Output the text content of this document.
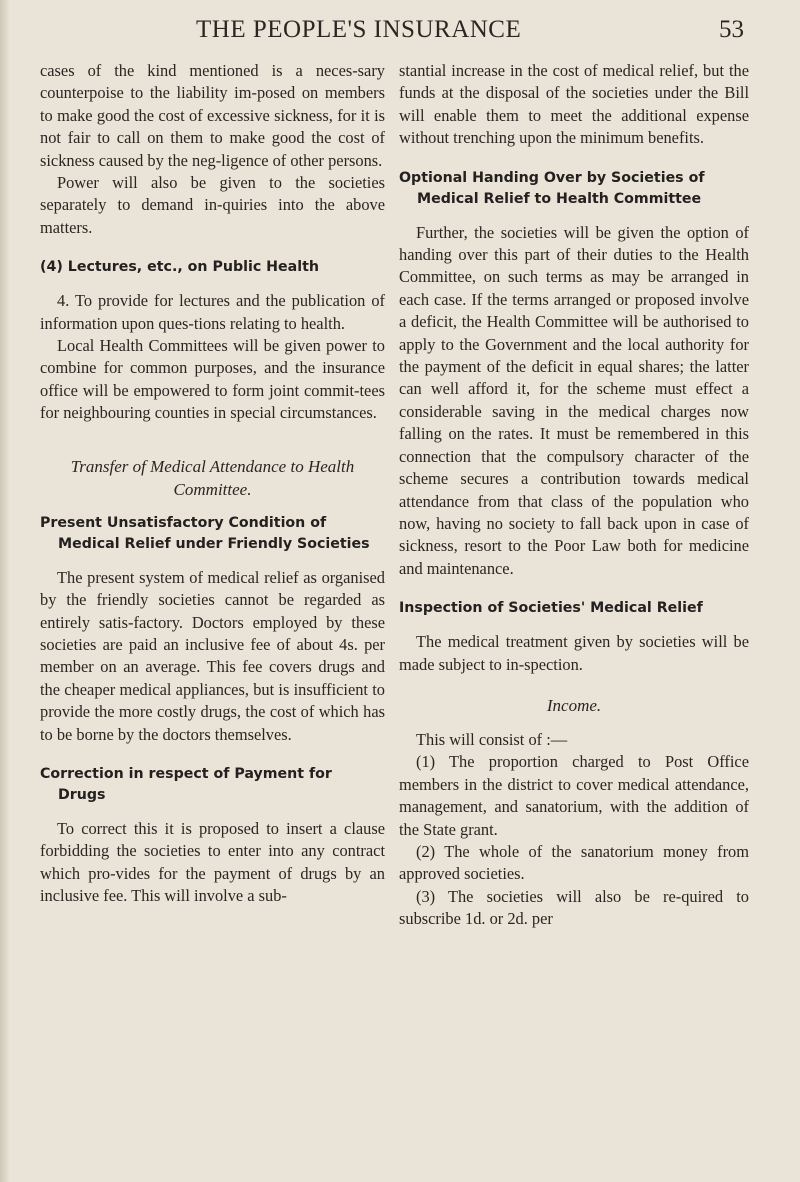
THE PEOPLE'S INSURANCE	53

cases of the kind mentioned is a neces-sary counterpoise to the liability im-posed on members to make good the cost of excessive sickness, for it is not fair to call on them to make good the cost of sickness caused by the neg-ligence of other persons.

Power will also be given to the societies separately to demand in-quiries into the above matters.

(4) Lectures, etc., on Public Health

4. To provide for lectures and the publication of information upon ques-tions relating to health.

Local Health Committees will be given power to combine for common purposes, and the insurance office will be empowered to form joint commit-tees for neighbouring counties in special circumstances.

Transfer of Medical Attendance to Health Committee.

Present Unsatisfactory Condition of
Medical Relief under Friendly Societies

The present system of medical relief as organised by the friendly societies cannot be regarded as entirely satis-factory. Doctors employed by these societies are paid an inclusive fee of about 4s. per member on an average. This fee covers drugs and the cheaper medical appliances, but is insufficient to provide the more costly drugs, the cost of which has to be borne by the doctors themselves.

Correction in respect of Payment for
Drugs

To correct this it is proposed to insert a clause forbidding the societies to enter into any contract which pro-vides for the payment of drugs by an inclusive fee. This will involve a sub-

stantial increase in the cost of medical relief, but the funds at the disposal of the societies under the Bill will enable them to meet the additional expense without trenching upon the minimum benefits.

Optional Handing Over by Societies of
Medical Relief to Health Committee

Further, the societies will be given the option of handing over this part of their duties to the Health Committee, on such terms as may be arranged in each case. If the terms arranged or proposed involve a deficit, the Health Committee will be authorised to apply to the Government and the local authority for the payment of the deficit in equal shares; the latter can well afford it, for the scheme must effect a considerable saving in the medical charges now falling on the rates. It must be remembered in this connection that the compulsory character of the scheme secures a contribution towards medical attendance from that class of the population who now, having no society to fall back upon in case of sickness, resort to the Poor Law both for medicine and maintenance.

Inspection of Societies' Medical Relief

The medical treatment given by societies will be made subject to in-spection.

Income.

This will consist of :—

(1) The proportion charged to Post Office members in the district to cover medical attendance, management, and sanatorium, with the addition of the State grant.

(2) The whole of the sanatorium money from approved societies.

(3) The societies will also be re-quired to subscribe 1d. or 2d. per
